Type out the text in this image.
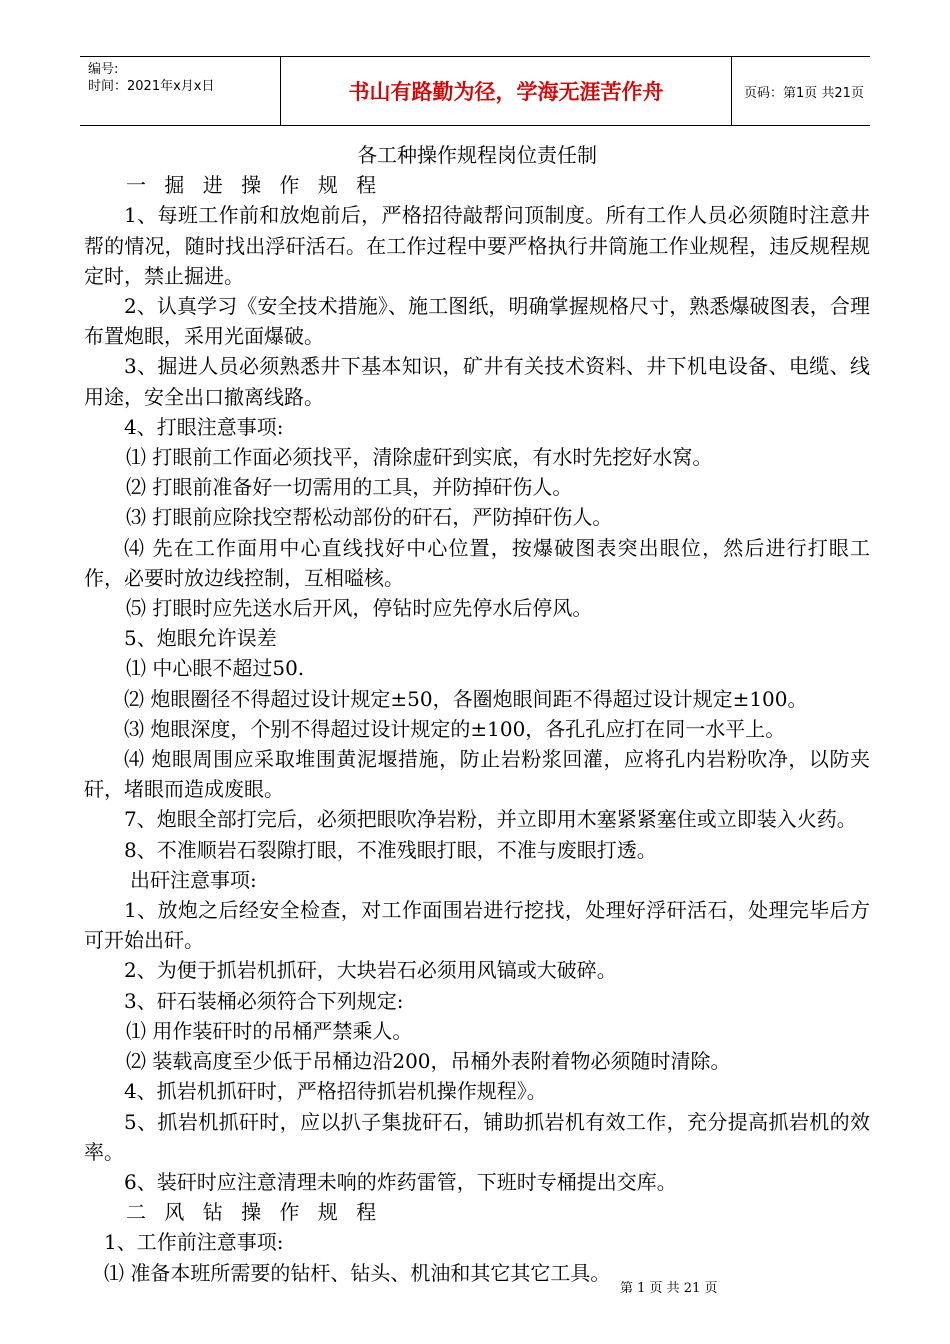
编号:
时间：2021年x月x日	书山有路勤为径，学海无涯苦作舟	页码：第1页 共21页

各工种操作规程岗位责任制

一 掘 进 操 作 规 程

1、每班工作前和放炮前后，严格招待敲帮问顶制度。所有工作人员必须随时注意井帮的情况，随时找出浮矸活石。在工作过程中要严格执行井筒施工作业规程，违反规程规定时，禁止掘进。

2、认真学习《安全技术措施》、施工图纸，明确掌握规格尺寸，熟悉爆破图表，合理布置炮眼，采用光面爆破。

3、掘进人员必须熟悉井下基本知识，矿井有关技术资料、井下机电设备、电缆、线用途，安全出口撤离线路。

4、打眼注意事项:

⑴ 打眼前工作面必须找平，清除虚矸到实底，有水时先挖好水窝。

⑵ 打眼前准备好一切需用的工具，并防掉矸伤人。

⑶ 打眼前应除找空帮松动部份的矸石，严防掉矸伤人。

⑷ 先在工作面用中心直线找好中心位置，按爆破图表突出眼位，然后进行打眼工作，必要时放边线控制，互相嗌核。

⑸ 打眼时应先送水后开风，停钻时应先停水后停风。

5、炮眼允许误差

⑴ 中心眼不超过50.

⑵ 炮眼圈径不得超过设计规定±50，各圈炮眼间距不得超过设计规定±100。

⑶ 炮眼深度，个别不得超过设计规定的±100，各孔孔应打在同一水平上。

⑷ 炮眼周围应采取堆围黄泥堰措施，防止岩粉浆回灌，应将孔内岩粉吹净，以防夹矸，堵眼而造成废眼。

7、炮眼全部打完后，必须把眼吹净岩粉，并立即用木塞紧紧塞住或立即装入火药。

8、不准顺岩石裂隙打眼，不准残眼打眼，不准与废眼打透。

出矸注意事项:

1、放炮之后经安全检查，对工作面围岩进行挖找，处理好浮矸活石，处理完毕后方可开始出矸。

2、为便于抓岩机抓矸，大块岩石必须用风镐或大破碎。

3、矸石装桶必须符合下列规定:

⑴ 用作装矸时的吊桶严禁乘人。

⑵ 装载高度至少低于吊桶边沿200，吊桶外表附着物必须随时清除。

4、抓岩机抓矸时，严格招待抓岩机操作规程》。

5、抓岩机抓矸时，应以扒子集拢矸石，铺助抓岩机有效工作，充分提高抓岩机的效率。

6、装矸时应注意清理未响的炸药雷管，下班时专桶提出交库。

二 风 钻 操 作 规 程

1、工作前注意事项:

⑴ 准备本班所需要的钻杆、钻头、机油和其它其它工具。

第 1 页 共 21 页
